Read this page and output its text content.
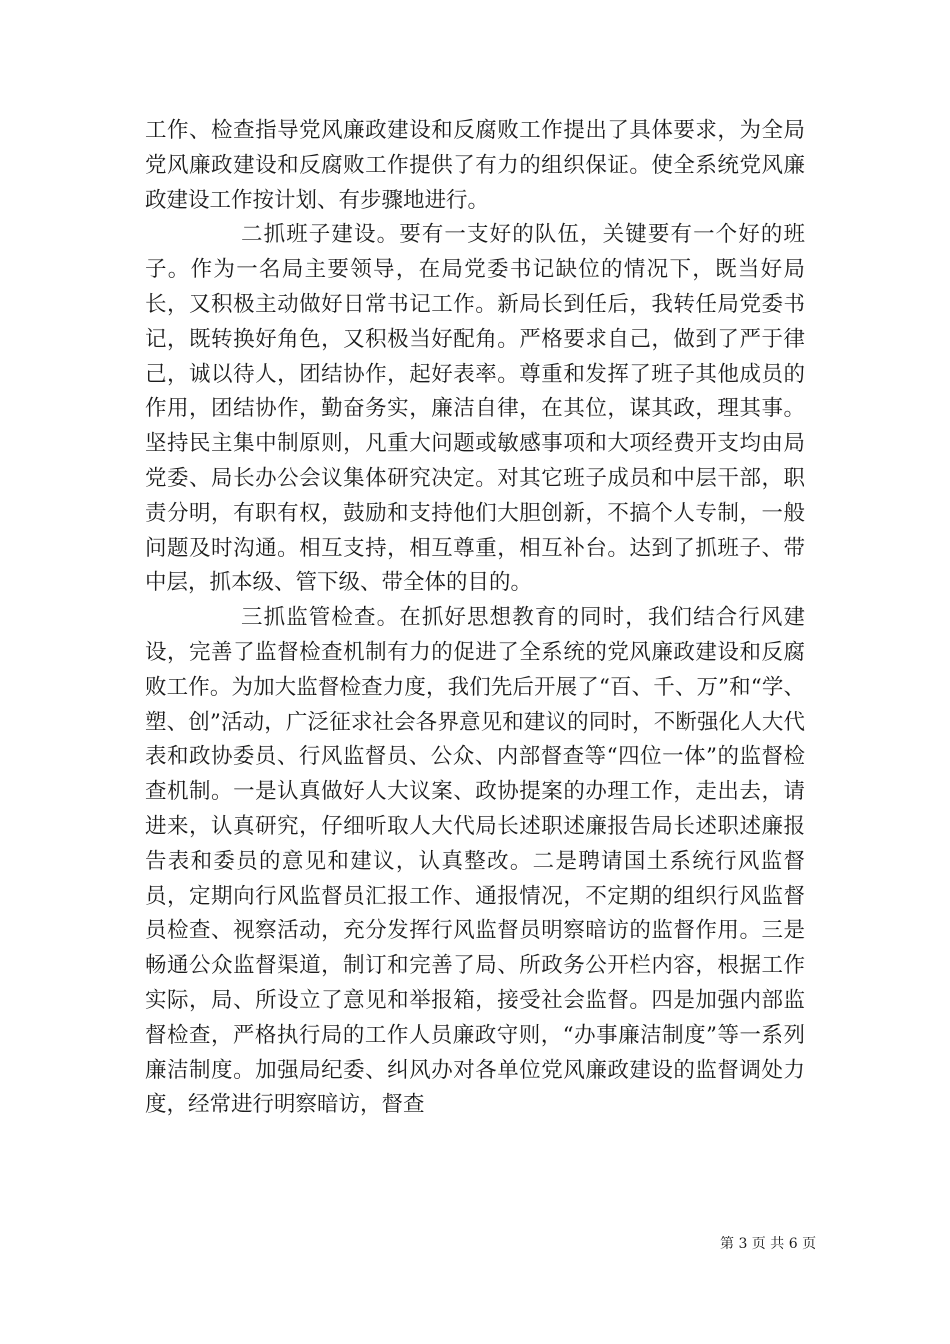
工作、检查指导党风廉政建设和反腐败工作提出了具体要求，为全局党风廉政建设和反腐败工作提供了有力的组织保证。使全系统党风廉政建设工作按计划、有步骤地进行。

二抓班子建设。要有一支好的队伍，关键要有一个好的班子。作为一名局主要领导，在局党委书记缺位的情况下，既当好局长，又积极主动做好日常书记工作。新局长到任后，我转任局党委书记，既转换好角色，又积极当好配角。严格要求自己，做到了严于律己，诚以待人，团结协作，起好表率。尊重和发挥了班子其他成员的作用，团结协作，勤奋务实，廉洁自律，在其位，谋其政，理其事。坚持民主集中制原则，凡重大问题或敏感事项和大项经费开支均由局党委、局长办公会议集体研究决定。对其它班子成员和中层干部，职责分明，有职有权，鼓励和支持他们大胆创新，不搞个人专制，一般问题及时沟通。相互支持，相互尊重，相互补台。达到了抓班子、带中层，抓本级、管下级、带全体的目的。

三抓监管检查。在抓好思想教育的同时，我们结合行风建设，完善了监督检查机制有力的促进了全系统的党风廉政建设和反腐败工作。为加大监督检查力度，我们先后开展了“百、千、万”和“学、塑、创”活动，广泛征求社会各界意见和建议的同时，不断强化人大代表和政协委员、行风监督员、公众、内部督查等“四位一体”的监督检查机制。一是认真做好人大议案、政协提案的办理工作，走出去，请进来，认真研究，仔细听取人大代局长述职述廉报告局长述职述廉报告表和委员的意见和建议，认真整改。二是聘请国土系统行风监督员，定期向行风监督员汇报工作、通报情况，不定期的组织行风监督员检查、视察活动，充分发挥行风监督员明察暗访的监督作用。三是畅通公众监督渠道，制订和完善了局、所政务公开栏内容，根据工作实际，局、所设立了意见和举报箱，接受社会监督。四是加强内部监督检查，严格执行局的工作人员廉政守则，“办事廉洁制度”等一系列廉洁制度。加强局纪委、纠风办对各单位党风廉政建设的监督调处力度，经常进行明察暗访，督查

第 3 页 共 6 页
